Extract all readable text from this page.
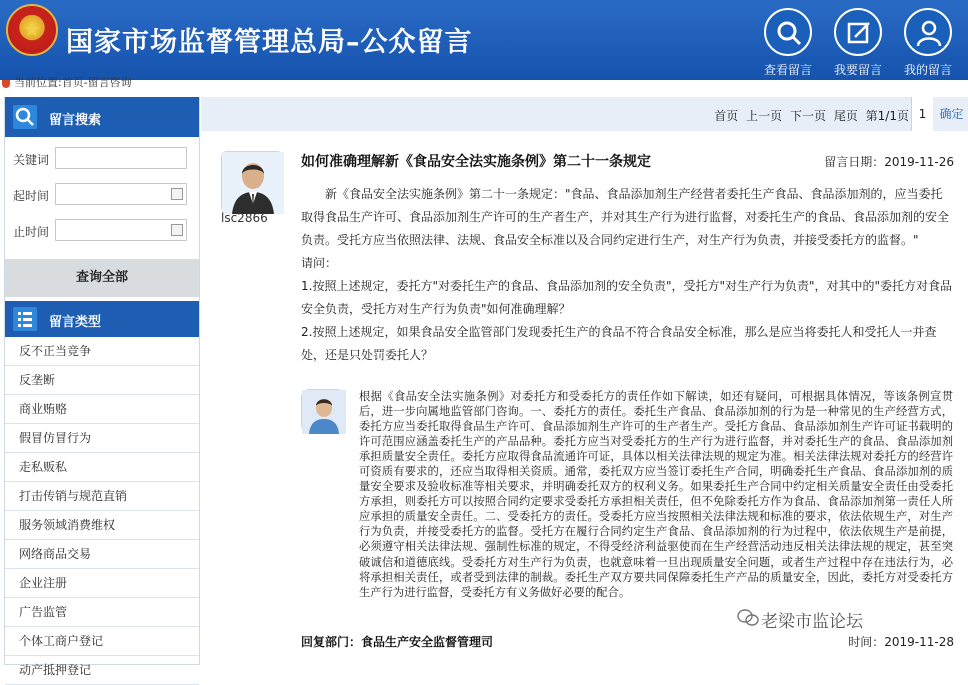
★ 国家市场监督管理总局–公众留言
查看留言	我要留言	我的留言
当前位置:首页-留言咨询
留言搜索
关键词
起时间
止时间
查询全部
留言类型
反不正当竞争
反垄断
商业贿赂
假冒仿冒行为
走私贩私
打击传销与规范直销
服务领域消费维权
网络商品交易
企业注册
广告监管
个体工商户登记
动产抵押登记
首页 上一页 下一页 尾页 第1/1页 1	确定
lsc2866
如何准确理解新《食品安全法实施条例》第二十一条规定	留言日期：2019-11-26

新《食品安全法实施条例》第二十一条规定："食品、食品添加剂生产经营者委托生产食品、食品添加剂的，应当委托取得食品生产许可、食品添加剂生产许可的生产者生产，并对其生产行为进行监督，对委托生产的食品、食品添加剂的安全负责。受托方应当依照法律、法规、食品安全标准以及合同约定进行生产，对生产行为负责，并接受委托方的监督。"

请问：

1.按照上述规定，委托方"对委托生产的食品、食品添加剂的安全负责"，受托方"对生产行为负责"，对其中的"委托方对食品安全负责，受托方对生产行为负责"如何准确理解？

2.按照上述规定，如果食品安全监管部门发现委托生产的食品不符合食品安全标准，那么是应当将委托人和受托人一并查处，还是只处罚委托人？

根据《食品安全法实施条例》对委托方和受委托方的责任作如下解读，如还有疑问，可根据具体情况，等该条例宣贯后，进一步向属地监管部门咨询。一、委托方的责任。委托生产食品、食品添加剂的行为是一种常见的生产经营方式，委托方应当委托取得食品生产许可、食品添加剂生产许可的生产者生产。受托方食品、食品添加剂生产许可证书载明的许可范围应涵盖委托生产的产品品种。委托方应当对受委托方的生产行为进行监督，并对委托生产的食品、食品添加剂承担质量安全责任。委托方应取得食品流通许可证，具体以相关法律法规的规定为准。相关法律法规对委托方的经营许可资质有要求的，还应当取得相关资质。通常，委托双方应当签订委托生产合同，明确委托生产食品、食品添加剂的质量安全要求及验收标准等相关要求，并明确委托双方的权利义务。如果委托生产合同中约定相关质量安全责任由受委托方承担，则委托方可以按照合同约定要求受委托方承担相关责任，但不免除委托方作为食品、食品添加剂第一责任人所应承担的质量安全责任。二、受委托方的责任。受委托方应当按照相关法律法规和标准的要求，依法依规生产，对生产行为负责，并接受委托方的监督。受托方在履行合同约定生产食品、食品添加剂的行为过程中，依法依规生产是前提，必须遵守相关法律法规、强制性标准的规定，不得受经济利益驱使而在生产经营活动违反相关法律法规的规定，甚至突破诚信和道德底线。受委托方对生产行为负责，也就意味着一旦出现质量安全问题，或者生产过程中存在违法行为，必将承担相关责任，或者受到法律的制裁。委托生产双方要共同保障委托生产产品的质量安全，因此，委托方对受委托方生产行为进行监督，受委托方有义务做好必要的配合。
老梁市监论坛
回复部门：食品生产安全监督管理司	时间：2019-11-28
